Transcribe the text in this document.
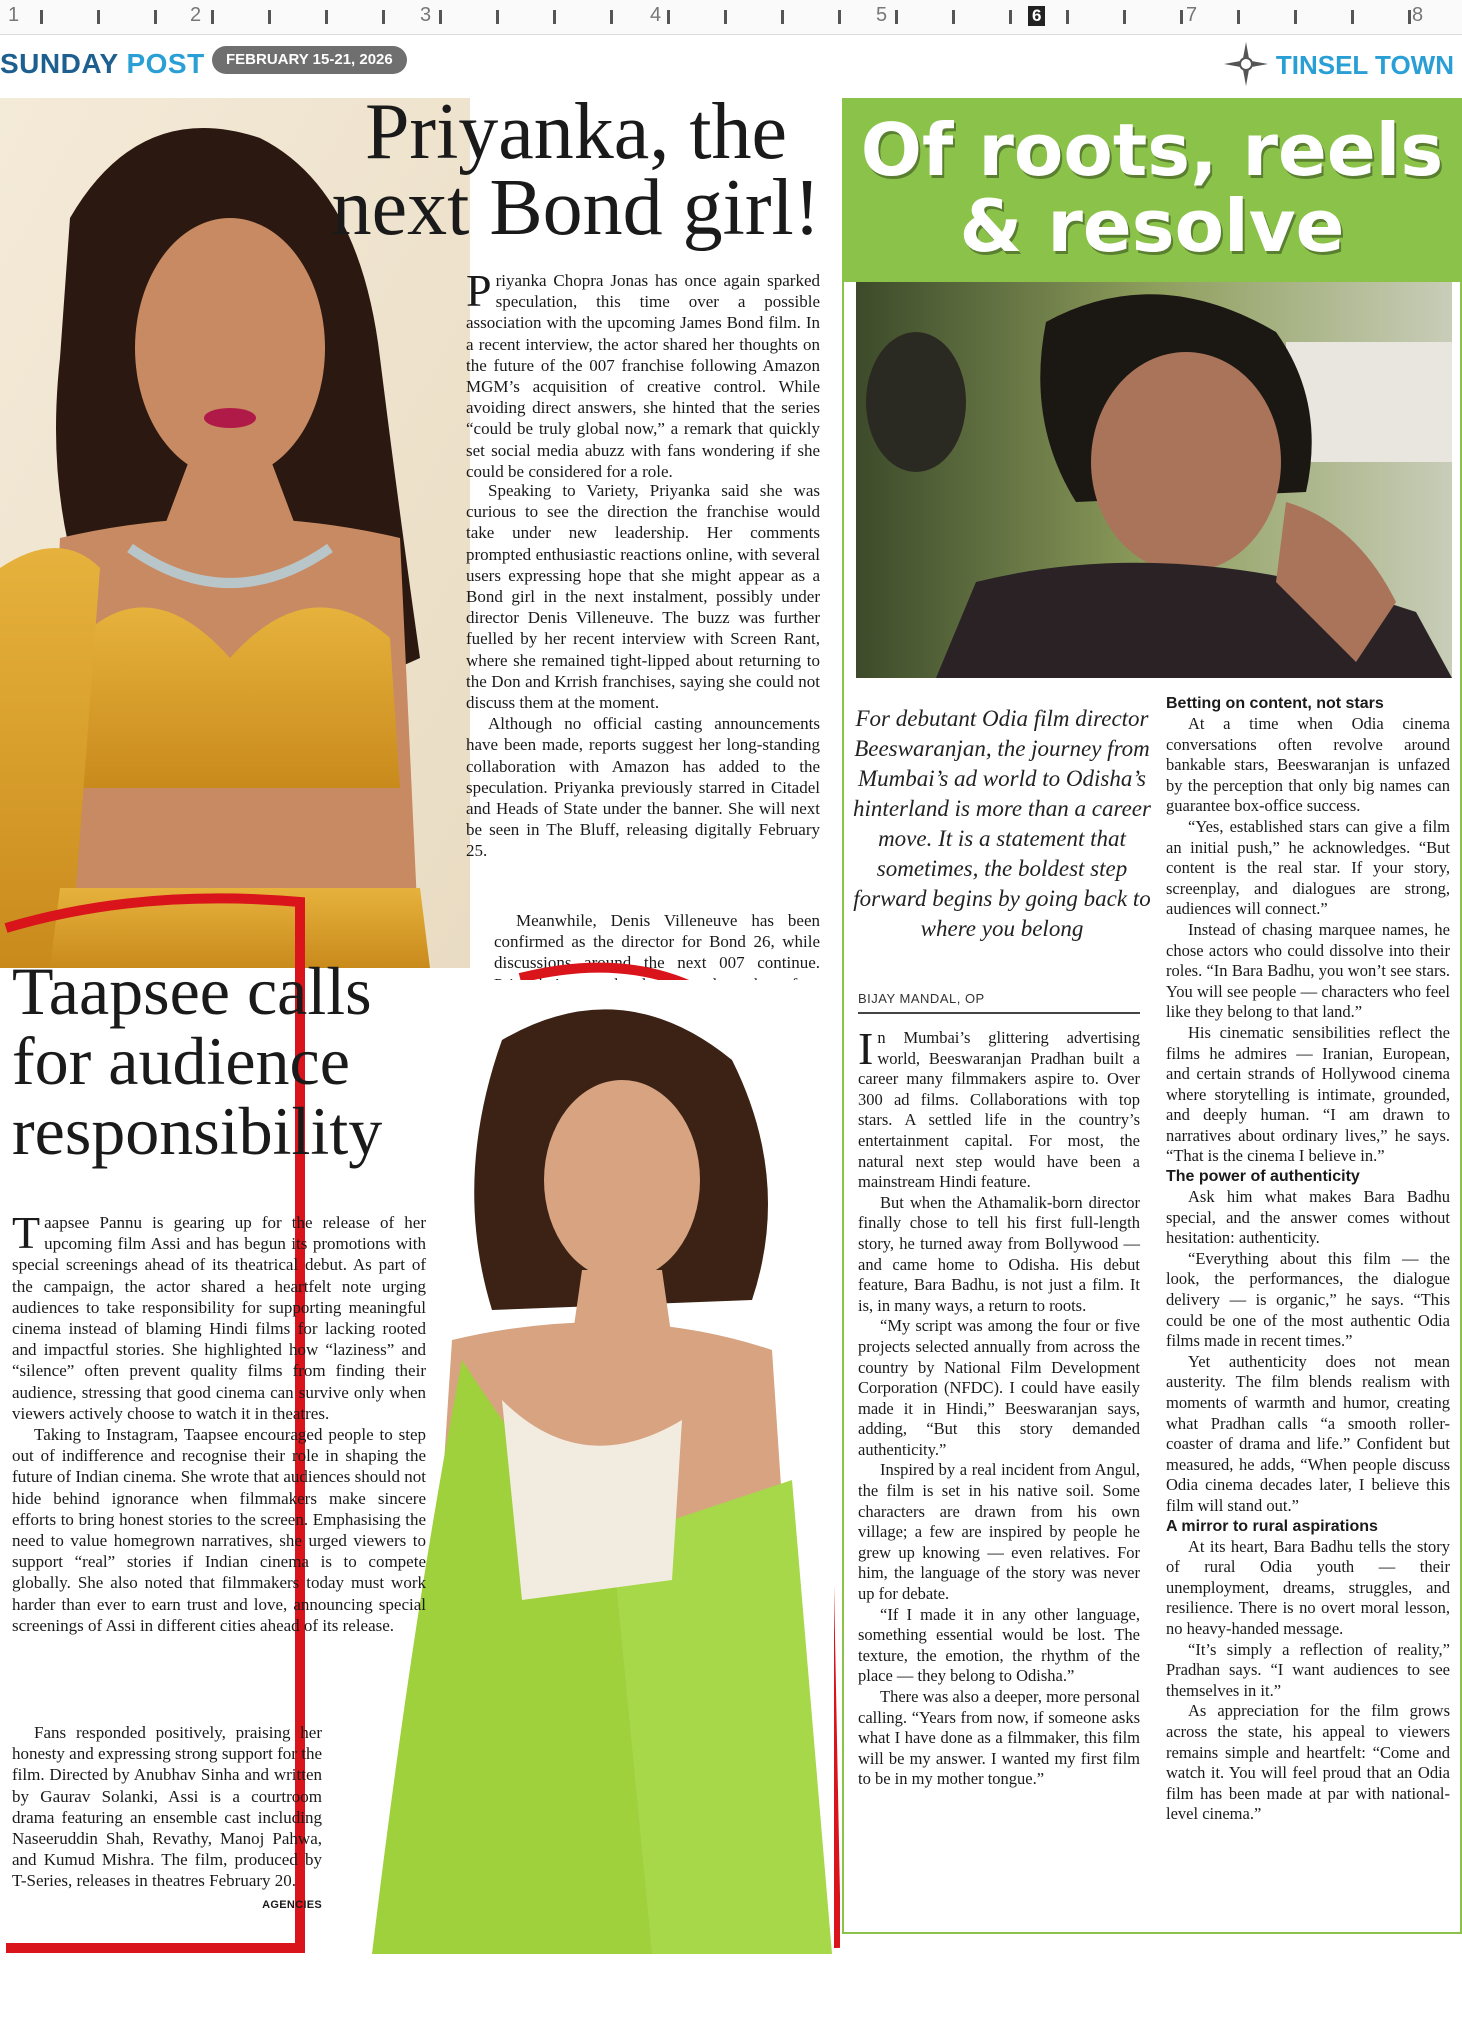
1	2	3	4	5	6	7	8
SUNDAY POST	FEBRUARY 15-21, 2026	TINSEL TOWN
Priyanka, the
next Bond girl!

Priyanka Chopra Jonas has once again sparked speculation, this time over a possible association with the upcoming James Bond film. In a recent interview, the actor shared her thoughts on the future of the 007 franchise following Amazon MGM’s acquisition of creative control. While avoiding direct answers, she hinted that the series “could be truly global now,” a remark that quickly set social media abuzz with fans wondering if she could be considered for a role.

Speaking to Variety, Priyanka said she was curious to see the direction the franchise would take under new leadership. Her comments prompted enthusiastic reactions online, with several users expressing hope that she might appear as a Bond girl in the next instalment, possibly under director Denis Villeneuve. The buzz was further fuelled by her recent interview with Screen Rant, where she remained tight-lipped about returning to the Don and Krrish franchises, saying she could not discuss them at the moment.

Although no official casting announcements have been made, reports suggest her long-standing collaboration with Amazon has added to the speculation. Priyanka previously starred in Citadel and Heads of State under the banner. She will next be seen in The Bluff, releasing digitally February 25.

Meanwhile, Denis Villeneuve has been confirmed as the director for Bond 26, while discussions around the next 007 continue.

Taapsee calls
for audience
responsibility

Taapsee Pannu is gearing up for the release of her upcoming film Assi and has begun its promotions with special screenings ahead of its theatrical debut. As part of the campaign, the actor shared a heartfelt note urging audiences to take responsibility for supporting meaningful cinema instead of blaming Hindi films for lacking rooted and impactful stories. She highlighted how “laziness” and “silence” often prevent quality films from finding their audience, stressing that good cinema can survive only when viewers actively choose to watch it in theatres.

Taking to Instagram, Taapsee encouraged people to step out of indifference and recognise their role in shaping the future of Indian cinema. She wrote that audiences should not hide behind ignorance when filmmakers make sincere efforts to bring honest stories to the screen. Emphasising the need to value homegrown narratives, she urged viewers to support “real” stories if Indian cinema is to compete globally. She also noted that filmmakers today must work harder than ever to earn trust and love, announcing special screenings of Assi in different cities ahead of its release.

Fans responded positively, praising her honesty and expressing strong support for the film. Directed by Anubhav Sinha and written by Gaurav Solanki, Assi is a courtroom drama featuring an ensemble cast including Naseeruddin Shah, Revathy, Manoj Pahwa, and Kumud Mishra. The film, produced by T-Series, releases in theatres February 20.

AGENCIES
Of roots, reels
& resolve
For debutant Odia film director Beeswaranjan, the journey from Mumbai’s ad world to Odisha’s hinterland is more than a career move. It is a statement that sometimes, the boldest step forward begins by going back to where you belong
BIJAY MANDAL, OP

In Mumbai’s glittering advertising world, Beeswaranjan Pradhan built a career many filmmakers aspire to. Over 300 ad films. Collaborations with top stars. A settled life in the country’s entertainment capital. For most, the natural next step would have been a mainstream Hindi feature.

But when the Athamalik-born director finally chose to tell his first full-length story, he turned away from Bollywood — and came home to Odisha. His debut feature, Bara Badhu, is not just a film. It is, in many ways, a return to roots.

“My script was among the four or five projects selected annually from across the country by National Film Development Corporation (NFDC). I could have easily made it in Hindi,” Beeswaranjan says, adding, “But this story demanded authenticity.”

Inspired by a real incident from Angul, the film is set in his native soil. Some characters are drawn from his own village; a few are inspired by people he grew up knowing — even relatives. For him, the language of the story was never up for debate.

“If I made it in any other language, something essential would be lost. The texture, the emotion, the rhythm of the place — they belong to Odisha.”

There was also a deeper, more personal calling. “Years from now, if someone asks what I have done as a filmmaker, this film will be my answer. I wanted my first film to be in my mother tongue.”

Betting on content, not stars

At a time when Odia cinema conversations often revolve around bankable stars, Beeswaranjan is unfazed by the perception that only big names can guarantee box-office success.

“Yes, established stars can give a film an initial push,” he acknowledges. “But content is the real star. If your story, screenplay, and dialogues are strong, audiences will connect.”

Instead of chasing marquee names, he chose actors who could dissolve into their roles. “In Bara Badhu, you won’t see stars. You will see people — characters who feel like they belong to that land.”

His cinematic sensibilities reflect the films he admires — Iranian, European, and certain strands of Hollywood cinema where storytelling is intimate, grounded, and deeply human. “I am drawn to narratives about ordinary lives,” he says. “That is the cinema I believe in.”

The power of authenticity

Ask him what makes Bara Badhu special, and the answer comes without hesitation: authenticity.

“Everything about this film — the look, the performances, the dialogue delivery — is organic,” he says. “This could be one of the most authentic Odia films made in recent times.”

Yet authenticity does not mean austerity. The film blends realism with moments of warmth and humor, creating what Pradhan calls “a smooth roller-coaster of drama and life.” Confident but measured, he adds, “When people discuss Odia cinema decades later, I believe this film will stand out.”

A mirror to rural aspirations

At its heart, Bara Badhu tells the story of rural Odia youth — their unemployment, dreams, struggles, and resilience. There is no overt moral lesson, no heavy-handed message.

“It’s simply a reflection of reality,” Pradhan says. “I want audiences to see themselves in it.”

As appreciation for the film grows across the state, his appeal to viewers remains simple and heartfelt: “Come and watch it. You will feel proud that an Odia film has been made at par with national-level cinema.”
